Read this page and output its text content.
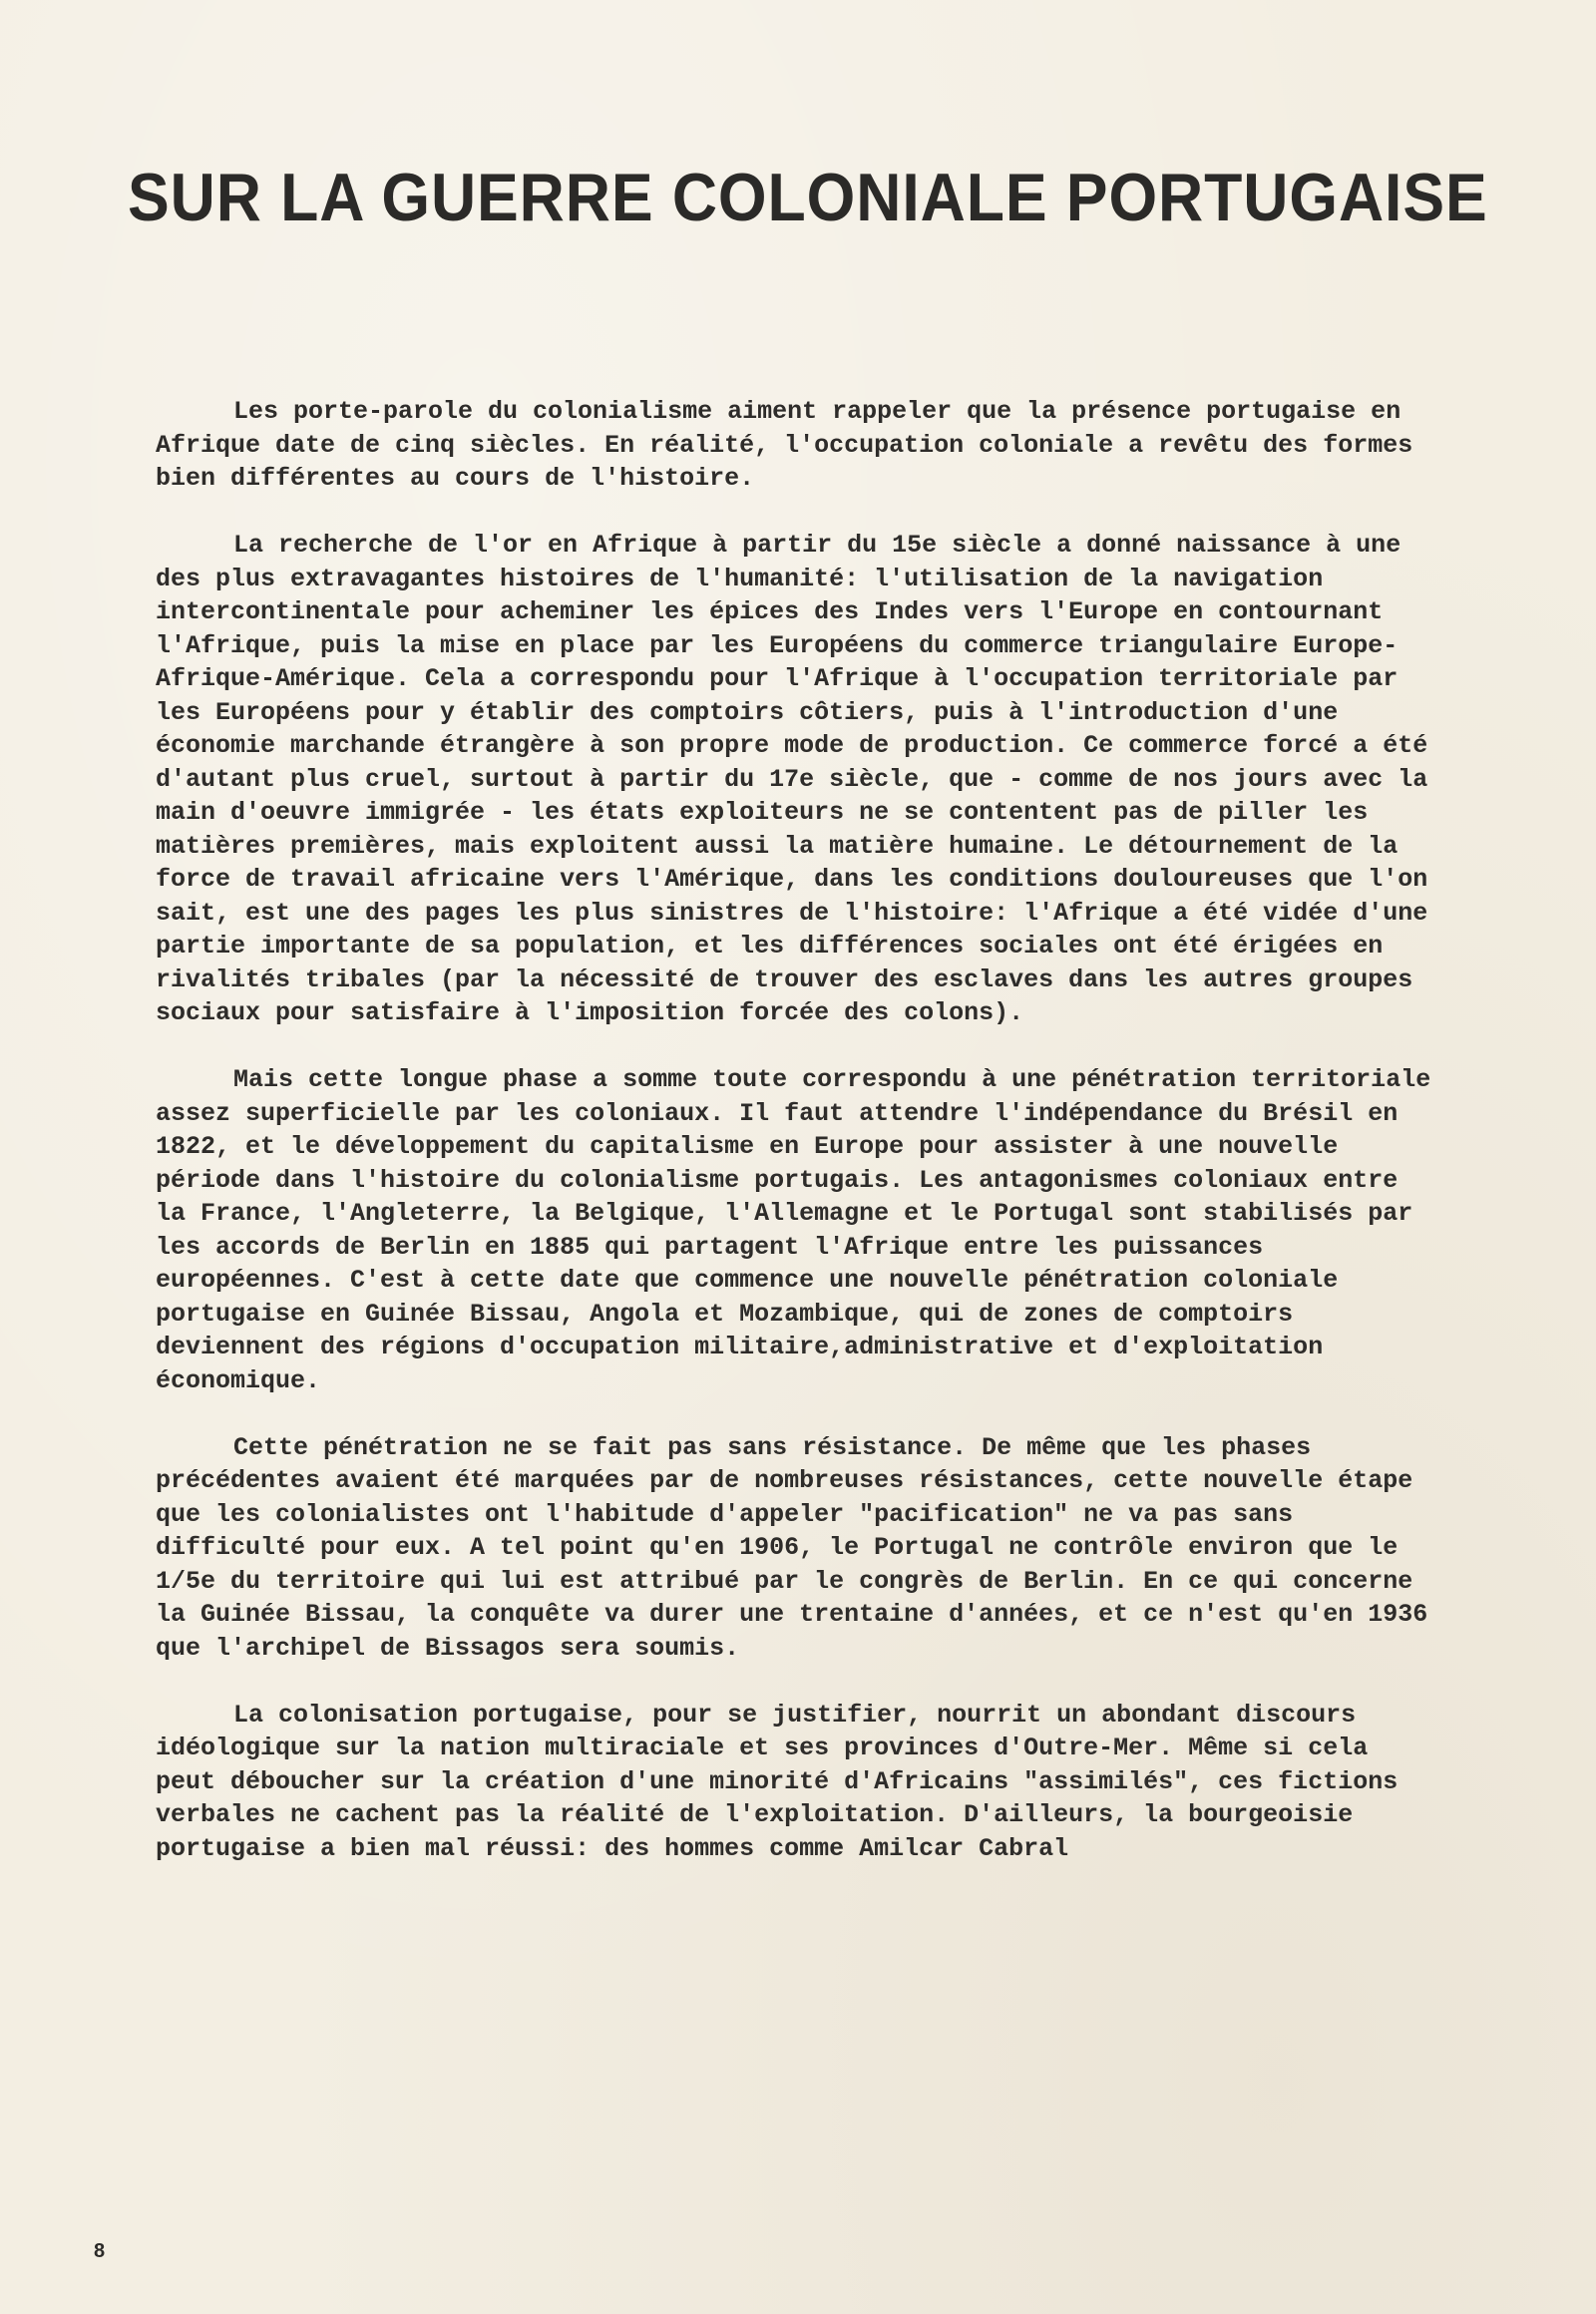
SUR LA GUERRE COLONIALE PORTUGAISE

Les porte-parole du colonialisme aiment rappeler que la présence portugaise en Afrique date de cinq siècles. En réalité, l'occupation coloniale a revêtu des formes bien différentes au cours de l'histoire.

La recherche de l'or en Afrique à partir du 15e siècle a donné naissance à une des plus extravagantes histoires de l'humanité: l'utilisation de la navigation intercontinentale pour acheminer les épices des Indes vers l'Europe en contournant l'Afrique, puis la mise en place par les Européens du commerce triangulaire Europe-Afrique-Amérique. Cela a correspondu pour l'Afrique à l'occupation territoriale par les Européens pour y établir des comptoirs côtiers, puis à l'introduction d'une économie marchande étrangère à son propre mode de production. Ce commerce forcé a été d'autant plus cruel, surtout à partir du 17e siècle, que - comme de nos jours avec la main d'oeuvre immigrée - les états exploiteurs ne se contentent pas de piller les matières premières, mais exploitent aussi la matière humaine. Le détournement de la force de travail africaine vers l'Amérique, dans les conditions douloureuses que l'on sait, est une des pages les plus sinistres de l'histoire: l'Afrique a été vidée d'une partie importante de sa population, et les différences sociales ont été érigées en rivalités tribales (par la nécessité de trouver des esclaves dans les autres groupes sociaux pour satisfaire à l'imposition forcée des colons).

Mais cette longue phase a somme toute correspondu à une pénétration territoriale assez superficielle par les coloniaux. Il faut attendre l'indépendance du Brésil en 1822, et le développement du capitalisme en Europe pour assister à une nouvelle période dans l'histoire du colonialisme portugais. Les antagonismes coloniaux entre la France, l'Angleterre, la Belgique, l'Allemagne et le Portugal sont stabilisés par les accords de Berlin en 1885 qui partagent l'Afrique entre les puissances européennes. C'est à cette date que commence une nouvelle pénétration coloniale portugaise en Guinée Bissau, Angola et Mozambique, qui de zones de comptoirs deviennent des régions d'occupation militaire,administrative et d'exploitation économique.

Cette pénétration ne se fait pas sans résistance. De même que les phases précédentes avaient été marquées par de nombreuses résistances, cette nouvelle étape que les colonialistes ont l'habitude d'appeler "pacification" ne va pas sans difficulté pour eux. A tel point qu'en 1906, le Portugal ne contrôle environ que le 1/5e du territoire qui lui est attribué par le congrès de Berlin. En ce qui concerne la Guinée Bissau, la conquête va durer une trentaine d'années, et ce n'est qu'en 1936 que l'archipel de Bissagos sera soumis.

La colonisation portugaise, pour se justifier, nourrit un abondant discours idéologique sur la nation multiraciale et ses provinces d'Outre-Mer. Même si cela peut déboucher sur la création d'une minorité d'Africains "assimilés", ces fictions verbales ne cachent pas la réalité de l'exploitation. D'ailleurs, la bourgeoisie portugaise a bien mal réussi: des hommes comme Amilcar Cabral

8
